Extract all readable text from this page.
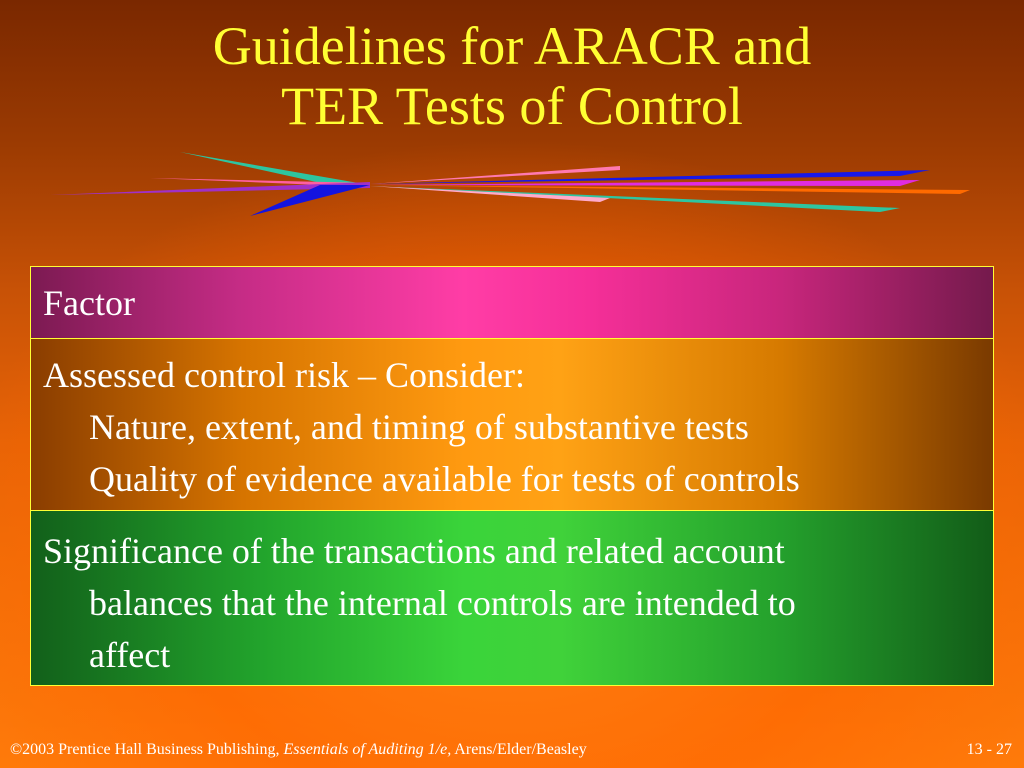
Guidelines for ARACR and
TER Tests of Control
Factor
Assessed control risk – Consider:
Nature, extent, and timing of substantive tests
Quality of evidence available for tests of controls
Significance of the transactions and related account
balances that the internal controls are intended to
affect
©2003 Prentice Hall Business Publishing, Essentials of Auditing 1/e, Arens/Elder/Beasley	13 - 27
